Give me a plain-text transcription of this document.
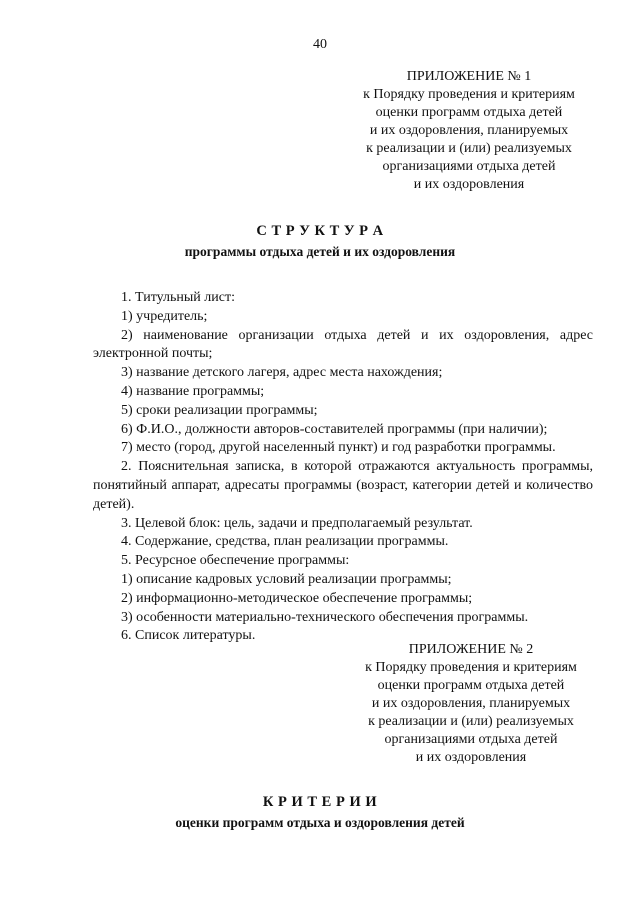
40
ПРИЛОЖЕНИЕ № 1
к Порядку проведения и критериям
оценки программ отдыха детей
и их оздоровления, планируемых
к реализации и (или) реализуемых
организациями отдыха детей
и их оздоровления
С Т Р У К Т У Р А
программы отдыха детей и их оздоровления

1. Титульный лист:

1) учредитель;

2) наименование организации отдыха детей и их оздоровления, адрес электронной почты;

3) название детского лагеря, адрес места нахождения;

4) название программы;

5) сроки реализации программы;

6) Ф.И.О., должности авторов-составителей программы (при наличии);

7) место (город, другой населенный пункт) и год разработки программы.

2. Пояснительная записка, в которой отражаются актуальность программы, понятийный аппарат, адресаты программы (возраст, категории детей и количество детей).

3. Целевой блок: цель, задачи и предполагаемый результат.

4. Содержание, средства, план реализации программы.

5. Ресурсное обеспечение программы:

1) описание кадровых условий реализации программы;

2) информационно-методическое обеспечение программы;

3) особенности материально-технического обеспечения программы.

6. Список литературы.

ПРИЛОЖЕНИЕ № 2
к Порядку проведения и критериям
оценки программ отдыха детей
и их оздоровления, планируемых
к реализации и (или) реализуемых
организациями отдыха детей
и их оздоровления
К Р И Т Е Р И И
оценки программ отдыха и оздоровления детей
